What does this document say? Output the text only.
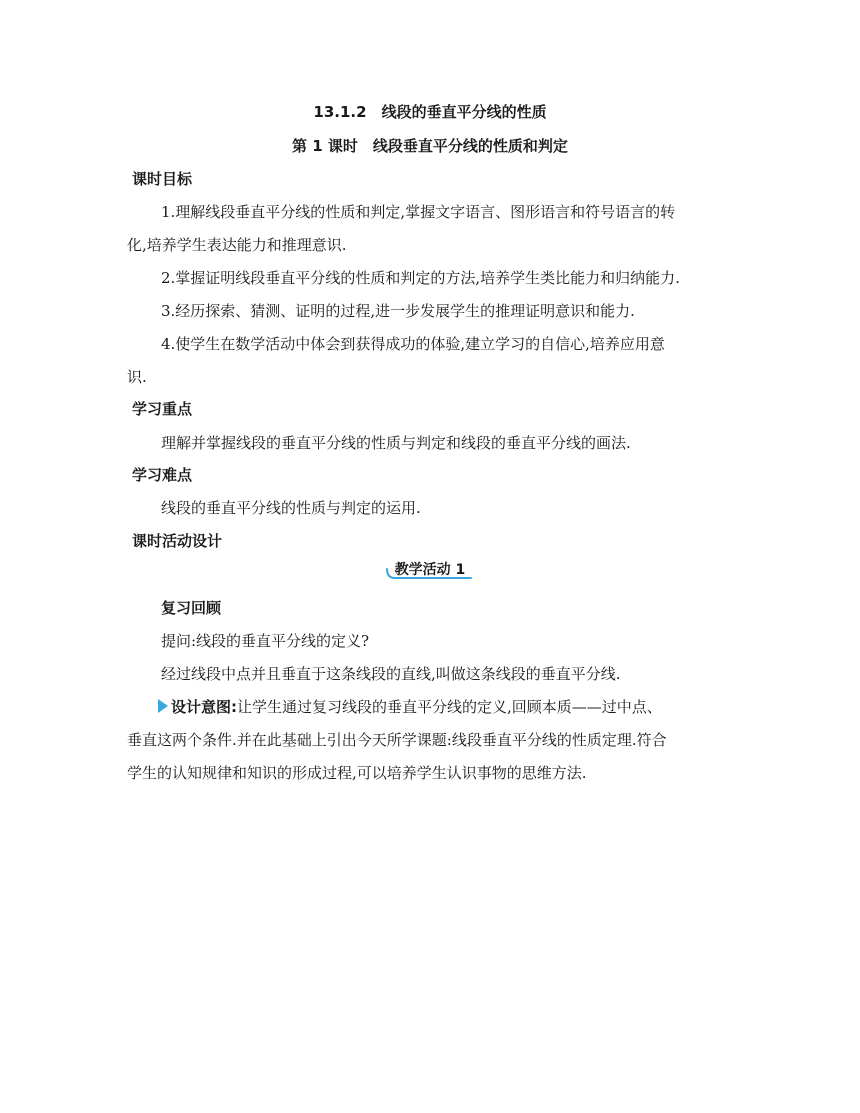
13.1.2　线段的垂直平分线的性质
第 1 课时　线段垂直平分线的性质和判定
课时目标
1.理解线段垂直平分线的性质和判定,掌握文字语言、图形语言和符号语言的转
化,培养学生表达能力和推理意识.
2.掌握证明线段垂直平分线的性质和判定的方法,培养学生类比能力和归纳能力.
3.经历探索、猜测、证明的过程,进一步发展学生的推理证明意识和能力.
4.使学生在数学活动中体会到获得成功的体验,建立学习的自信心,培养应用意
识.
学习重点
理解并掌握线段的垂直平分线的性质与判定和线段的垂直平分线的画法.
学习难点
线段的垂直平分线的性质与判定的运用.
课时活动设计
教学活动 1
复习回顾
提问:线段的垂直平分线的定义?
经过线段中点并且垂直于这条线段的直线,叫做这条线段的垂直平分线.
设计意图:让学生通过复习线段的垂直平分线的定义,回顾本质——过中点、
垂直这两个条件.并在此基础上引出今天所学课题:线段垂直平分线的性质定理.符合
学生的认知规律和知识的形成过程,可以培养学生认识事物的思维方法.
